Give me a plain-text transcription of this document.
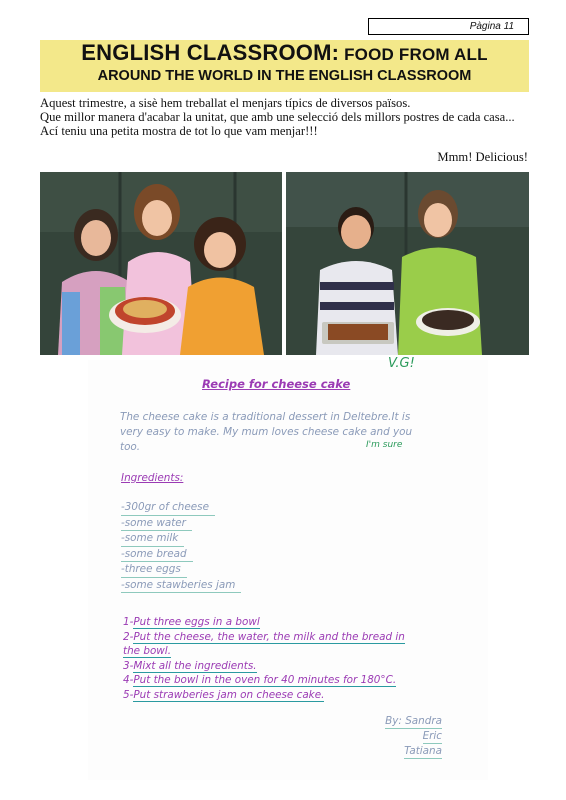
Pàgina 11
ENGLISH CLASSROOM: FOOD FROM ALL
AROUND THE WORLD IN THE ENGLISH CLASSROOM

Aquest trimestre, a sisè hem treballat el menjars típics de diversos països.

Que millor manera d'acabar la unitat, que amb une selecció dels millors postres de cada casa...

Ací teniu una petita mostra de tot lo que vam menjar!!!

Mmm! Delicious!
V.G!
Recipe for cheese cake
The cheese cake is a traditional dessert in Deltebre.It is very easy to make. My mum loves cheese cake and you too.	I'm sure
Ingredients:
-300gr of cheese
-some water
-some milk
-some bread
-three eggs
-some stawberies jam
1-Put three eggs in a bowl
2-Put the cheese, the water, the milk and the bread in the bowl.
3-Mixt all the ingredients.
4-Put the bowl in the oven for 40 minutes for 180°C.
5-Put strawberies jam on cheese cake.
By: Sandra
Eric
Tatiana
